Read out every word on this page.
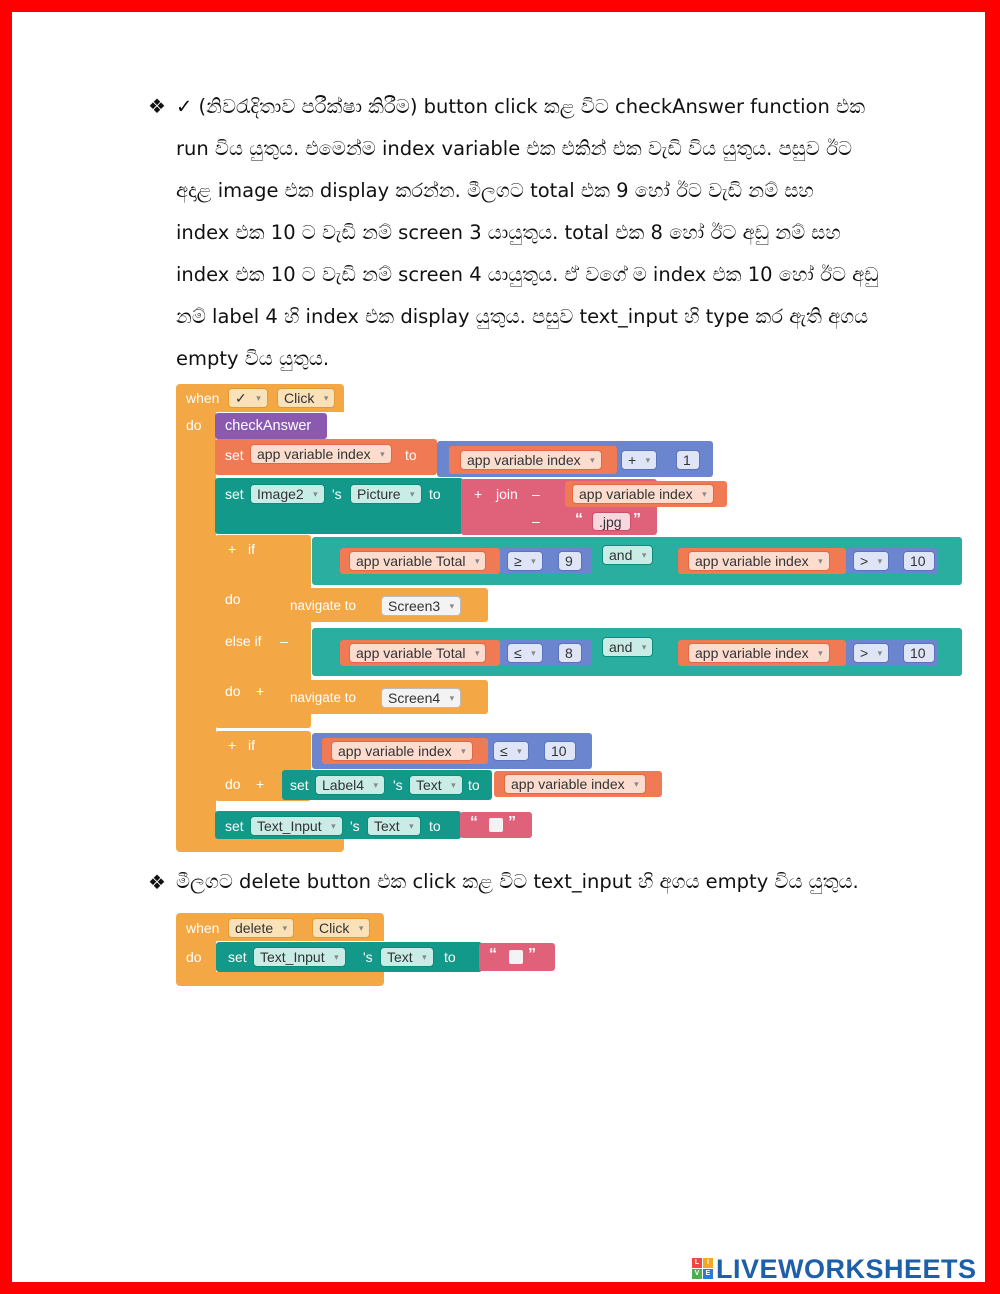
❖ ✓ (නිවරැදිතාව පරීක්ෂා කිරීම) button click කළ විට checkAnswer function එක
run විය යුතුය. එමෙන්ම index variable එක එකින් එක වැඩි විය යුතුය. පසුව ඊට
අදාළ image එක display කරන්න. මීලගට total එක 9 හෝ ඊට වැඩි නම් සහ
index එක 10 ට වැඩි නම් screen 3 යායුතුය. total එක 8 හෝ ඊට අඩු නම් සහ
index එක 10 ට වැඩි නම් screen 4 යායුතුය. ඒ වගේ ම index එක 10 හෝ ඊට අඩු
නම් label 4 හි index එක display යුතුය. පසුව text_input හි type කර ඇති අගය
empty විය යුතුය.
when	✓ ▾	Click ▾
do checkAnswer
set app variable index ▾ to	app variable index ▾	+ ▾	1
set Image2 ▾ 's	Picture ▾ to + join –
–
app variable index ▾
“	.jpg ”
+ if
app variable Total ▾	≥ ▾	9	and ▾	app variable index ▾	> ▾	10
do	navigate to	Screen3 ▾
else if –
app variable Total ▾	≤ ▾	8	and ▾	app variable index ▾	> ▾	10
do + navigate to	Screen4 ▾
+ if	app variable index ▾	≤ ▾	10
do + set Label4 ▾ 's Text ▾ to	app variable index ▾
set Text_Input ▾ 's	Text ▾ to “ ”
❖ මීලගට delete button එක click කළ විට text_input හි අගය empty විය යුතුය.
when	delete ▾	Click ▾
do set Text_Input ▾ 's	Text ▾ to “ ”
L	I
V E LIVEWORKSHEETS
